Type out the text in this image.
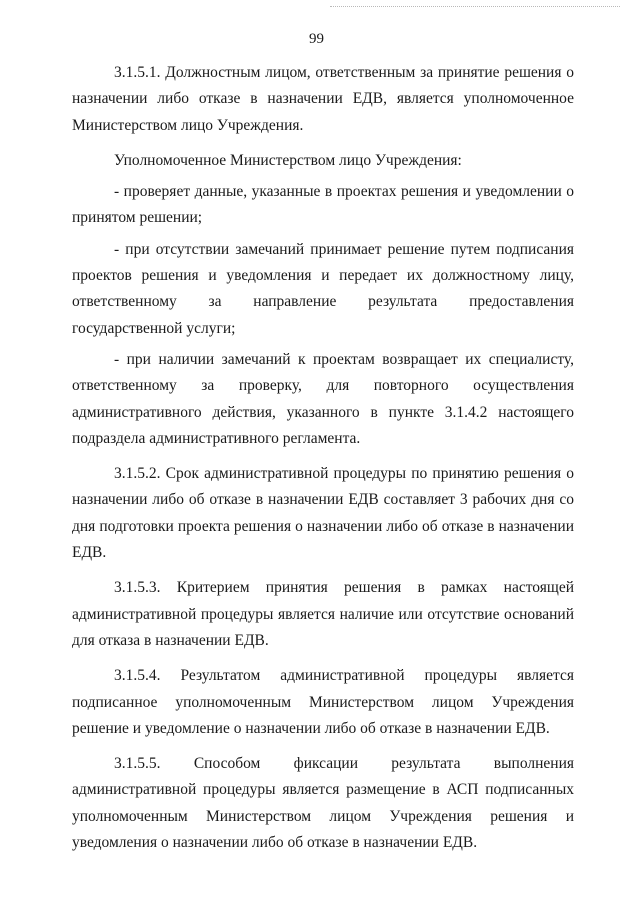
99

3.1.5.1. Должностным лицом, ответственным за принятие решения о назначении либо отказе в назначении ЕДВ, является уполномоченное Министерством лицо Учреждения.

Уполномоченное Министерством лицо Учреждения:

- проверяет данные, указанные в проектах решения и уведомлении о принятом решении;

- при отсутствии замечаний принимает решение путем подписания проектов решения и уведомления и передает их должностному лицу, ответственному за направление результата предоставления государственной услуги;

- при наличии замечаний к проектам возвращает их специалисту, ответственному за проверку, для повторного осуществления административного действия, указанного в пункте 3.1.4.2 настоящего подраздела административного регламента.

3.1.5.2. Срок административной процедуры по принятию решения о назначении либо об отказе в назначении ЕДВ составляет 3 рабочих дня со дня подготовки проекта решения о назначении либо об отказе в назначении ЕДВ.

3.1.5.3. Критерием принятия решения в рамках настоящей административной процедуры является наличие или отсутствие оснований для отказа в назначении ЕДВ.

3.1.5.4. Результатом административной процедуры является подписанное уполномоченным Министерством лицом Учреждения решение и уведомление о назначении либо об отказе в назначении ЕДВ.

3.1.5.5. Способом фиксации результата выполнения административной процедуры является размещение в АСП подписанных уполномоченным Министерством лицом Учреждения решения и уведомления о назначении либо об отказе в назначении ЕДВ.
